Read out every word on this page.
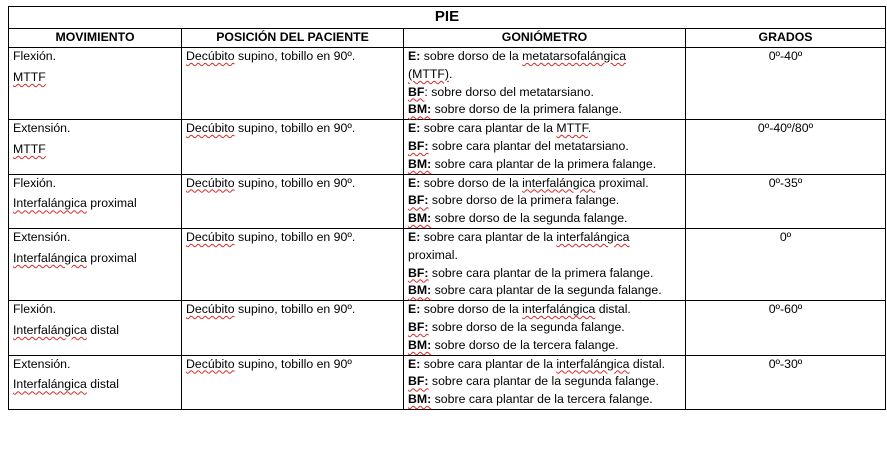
PIE			
MOVIMIENTO	POSICIÓN DEL PACIENTE	GONIÓMETRO	GRADOS

Flexión.
MTTF	Decúbito supino, tobillo en 90º.	E: sobre dorso de la metatarsofalángica
(MTTF).
BF: sobre dorso del metatarsiano.
BM: sobre dorso de la primera falange.	0º-40º

Extensión.
MTTF	Decúbito supino, tobillo en 90º.	E: sobre cara plantar de la MTTF.
BF: sobre cara plantar del metatarsiano.
BM: sobre cara plantar de la primera falange.	0º-40º/80º

Flexión.
Interfalángica proximal	Decúbito supino, tobillo en 90º.	E: sobre dorso de la interfalángica proximal.
BF: sobre dorso de la primera falange.
BM: sobre dorso de la segunda falange.	0º-35º

Extensión.
Interfalángica proximal	Decúbito supino, tobillo en 90º.	E: sobre cara plantar de la interfalángica proximal.
BF: sobre cara plantar de la primera falange.
BM: sobre cara plantar de la segunda falange.	0º

Flexión.
Interfalángica distal	Decúbito supino, tobillo en 90º.	E: sobre dorso de la interfalángica distal.
BF: sobre dorso de la segunda falange.
BM: sobre dorso de la tercera falange.	0º-60º

Extensión.
Interfalángica distal	Decúbito supino, tobillo en 90º	E: sobre cara plantar de la interfalángica distal.
BF: sobre cara plantar de la segunda falange.
BM: sobre cara plantar de la tercera falange.	0º-30º
